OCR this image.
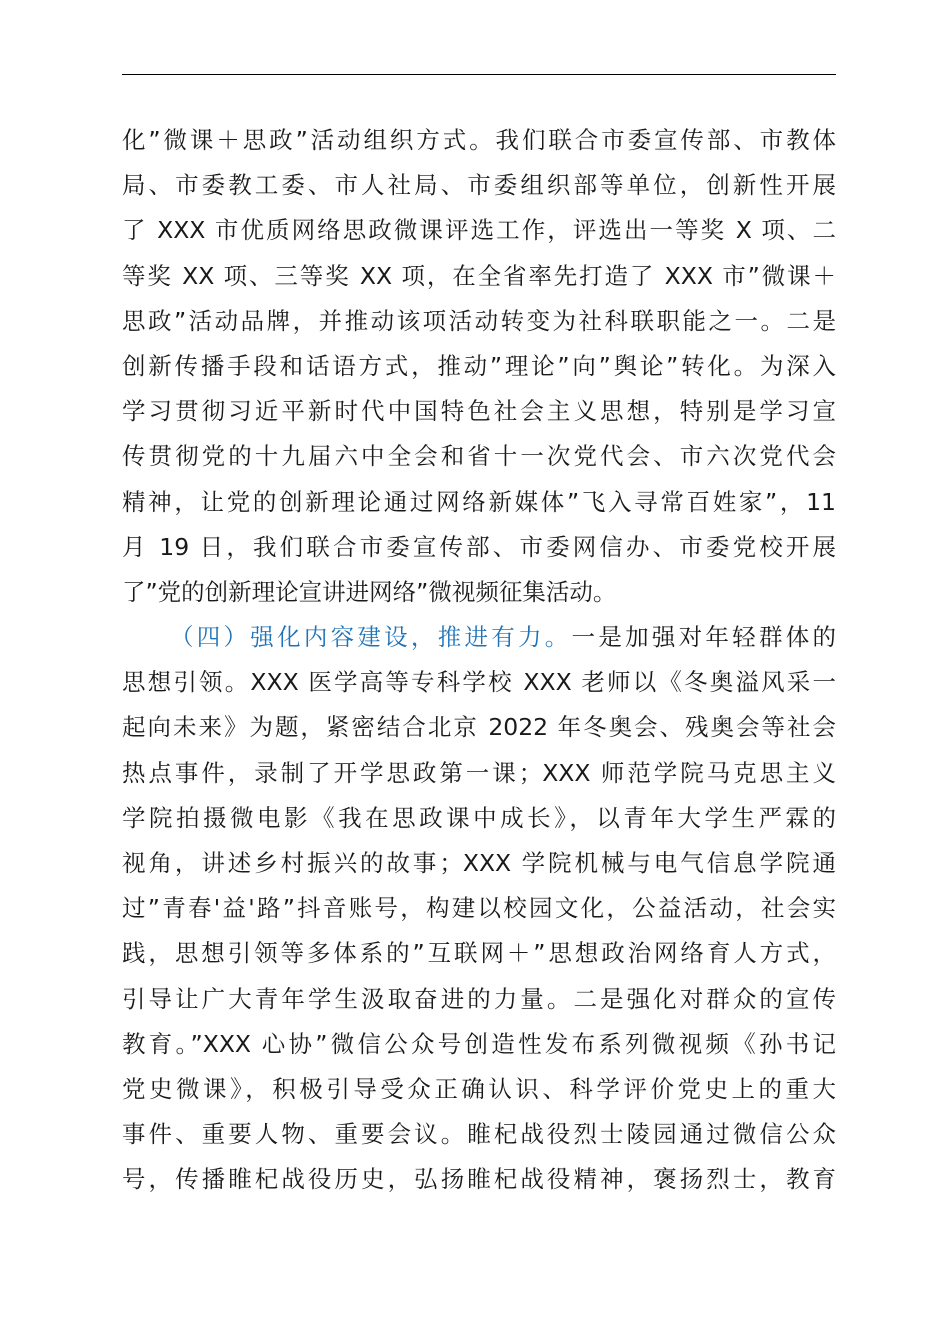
化”微课＋思政”活动组织方式。我们联合市委宣传部、市教体
局、市委教工委、市人社局、市委组织部等单位，创新性开展
了 XXX 市优质网络思政微课评选工作，评选出一等奖 X 项、二
等奖 XX 项、三等奖 XX 项，在全省率先打造了 XXX 市”微课＋
思政”活动品牌，并推动该项活动转变为社科联职能之一。二是
创新传播手段和话语方式，推动”理论”向”舆论”转化。为深入
学习贯彻习近平新时代中国特色社会主义思想，特别是学习宣
传贯彻党的十九届六中全会和省十一次党代会、市六次党代会
精神，让党的创新理论通过网络新媒体”飞入寻常百姓家”，11
月 19 日，我们联合市委宣传部、市委网信办、市委党校开展
了”党的创新理论宣讲进网络”微视频征集活动。
（四）强化内容建设，推进有力。一是加强对年轻群体的
思想引领。XXX 医学高等专科学校 XXX 老师以《冬奥溢风采一
起向未来》为题，紧密结合北京 2022 年冬奥会、残奥会等社会
热点事件，录制了开学思政第一课；XXX 师范学院马克思主义
学院拍摄微电影《我在思政课中成长》，以青年大学生严霖的
视角，讲述乡村振兴的故事；XXX 学院机械与电气信息学院通
过”青春'益'路”抖音账号，构建以校园文化，公益活动，社会实
践，思想引领等多体系的”互联网＋”思想政治网络育人方式，
引导让广大青年学生汲取奋进的力量。二是强化对群众的宣传
教育。”XXX 心协”微信公众号创造性发布系列微视频《孙书记
党史微课》，积极引导受众正确认识、科学评价党史上的重大
事件、重要人物、重要会议。睢杞战役烈士陵园通过微信公众
号，传播睢杞战役历史，弘扬睢杞战役精神，褒扬烈士，教育
